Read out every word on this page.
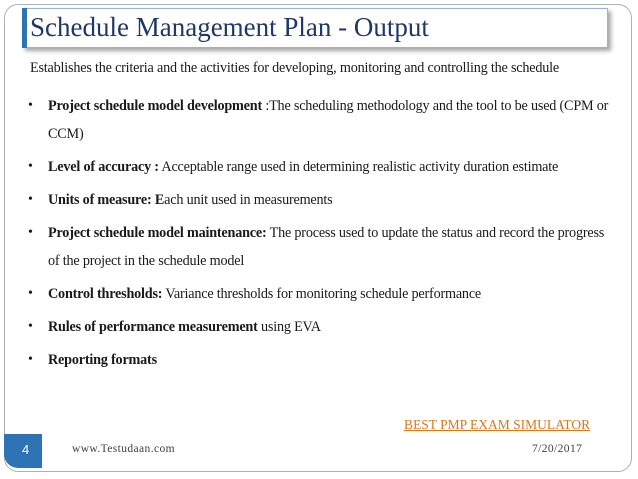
Schedule Management Plan - Output
Establishes the criteria and the activities for developing, monitoring and controlling the schedule
• Project schedule model development :The scheduling methodology and the tool to be used (CPM or CCM)
• Level of accuracy : Acceptable range used in determining realistic activity duration estimate
• Units of measure: Each unit used in measurements
• Project schedule model maintenance: The process used to update the status and record the progress of the project in the schedule model
• Control thresholds: Variance thresholds for monitoring schedule performance
• Rules of performance measurement using EVA
• Reporting formats
BEST PMP EXAM SIMULATOR
4	www.Testudaan.com	7/20/2017
